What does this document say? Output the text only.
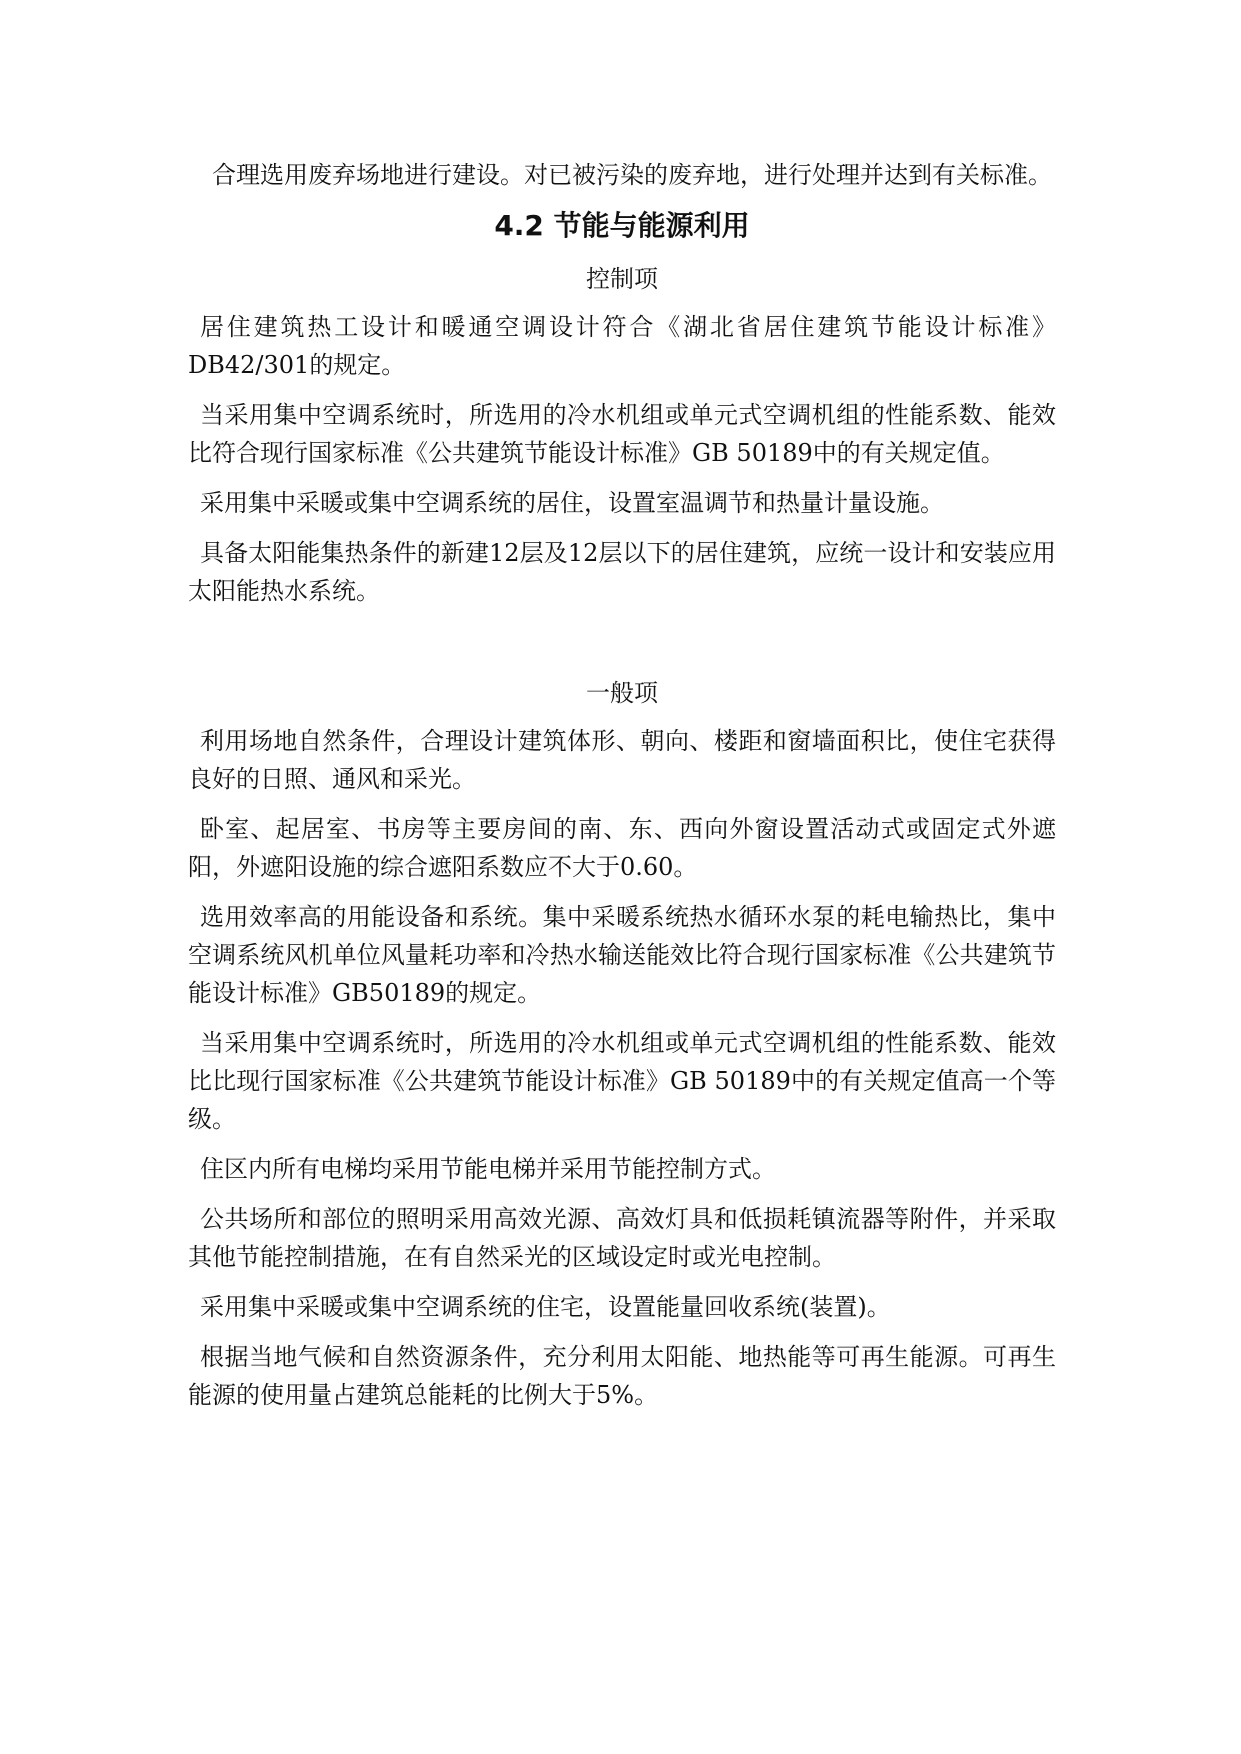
合理选用废弃场地进行建设。对已被污染的废弃地，进行处理并达到有关标准。

4.2 节能与能源利用
控制项

居住建筑热工设计和暖通空调设计符合《湖北省居住建筑节能设计标准》DB42/301的规定。

当采用集中空调系统时，所选用的冷水机组或单元式空调机组的性能系数、能效比符合现行国家标准《公共建筑节能设计标准》GB 50189中的有关规定值。

采用集中采暖或集中空调系统的居住，设置室温调节和热量计量设施。

具备太阳能集热条件的新建12层及12层以下的居住建筑，应统一设计和安装应用太阳能热水系统。

一般项

利用场地自然条件，合理设计建筑体形、朝向、楼距和窗墙面积比，使住宅获得良好的日照、通风和采光。

卧室、起居室、书房等主要房间的南、东、西向外窗设置活动式或固定式外遮阳，外遮阳设施的综合遮阳系数应不大于0.60。

选用效率高的用能设备和系统。集中采暖系统热水循环水泵的耗电输热比，集中空调系统风机单位风量耗功率和冷热水输送能效比符合现行国家标准《公共建筑节能设计标准》GB50189的规定。

当采用集中空调系统时，所选用的冷水机组或单元式空调机组的性能系数、能效比比现行国家标准《公共建筑节能设计标准》GB 50189中的有关规定值高一个等级。

住区内所有电梯均采用节能电梯并采用节能控制方式。

公共场所和部位的照明采用高效光源、高效灯具和低损耗镇流器等附件，并采取其他节能控制措施，在有自然采光的区域设定时或光电控制。

采用集中采暖或集中空调系统的住宅，设置能量回收系统(装置)。

根据当地气候和自然资源条件，充分利用太阳能、地热能等可再生能源。可再生能源的使用量占建筑总能耗的比例大于5%。
